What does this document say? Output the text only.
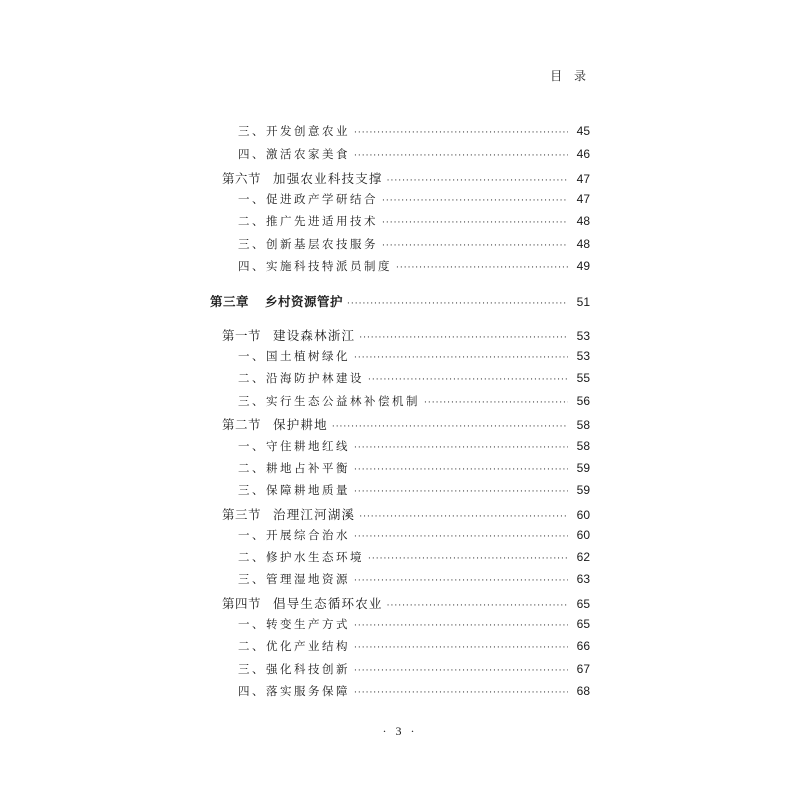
目 录
三、开发创意农业 ·····	45
四、激活农家美食 ·····	46
第六节 加强农业科技支撑 ·····	47
一、促进政产学研结合 ·····	47
二、推广先进适用技术 ·····	48
三、创新基层农技服务 ·····	48
四、实施科技特派员制度 ·····	49
第三章 乡村资源管护 ·····	51
第一节 建设森林浙江 ·····	53
一、国土植树绿化 ·····	53
二、沿海防护林建设 ·····	55
三、实行生态公益林补偿机制 ·····	56
第二节 保护耕地 ·····	58
一、守住耕地红线 ·····	58
二、耕地占补平衡 ·····	59
三、保障耕地质量 ·····	59
第三节 治理江河湖溪 ·····	60
一、开展综合治水 ·····	60
二、修护水生态环境 ·····	62
三、管理湿地资源 ·····	63
第四节 倡导生态循环农业 ·····	65
一、转变生产方式 ·····	65
二、优化产业结构 ·····	66
三、强化科技创新 ·····	67
四、落实服务保障 ·····	68
· 3 ·
